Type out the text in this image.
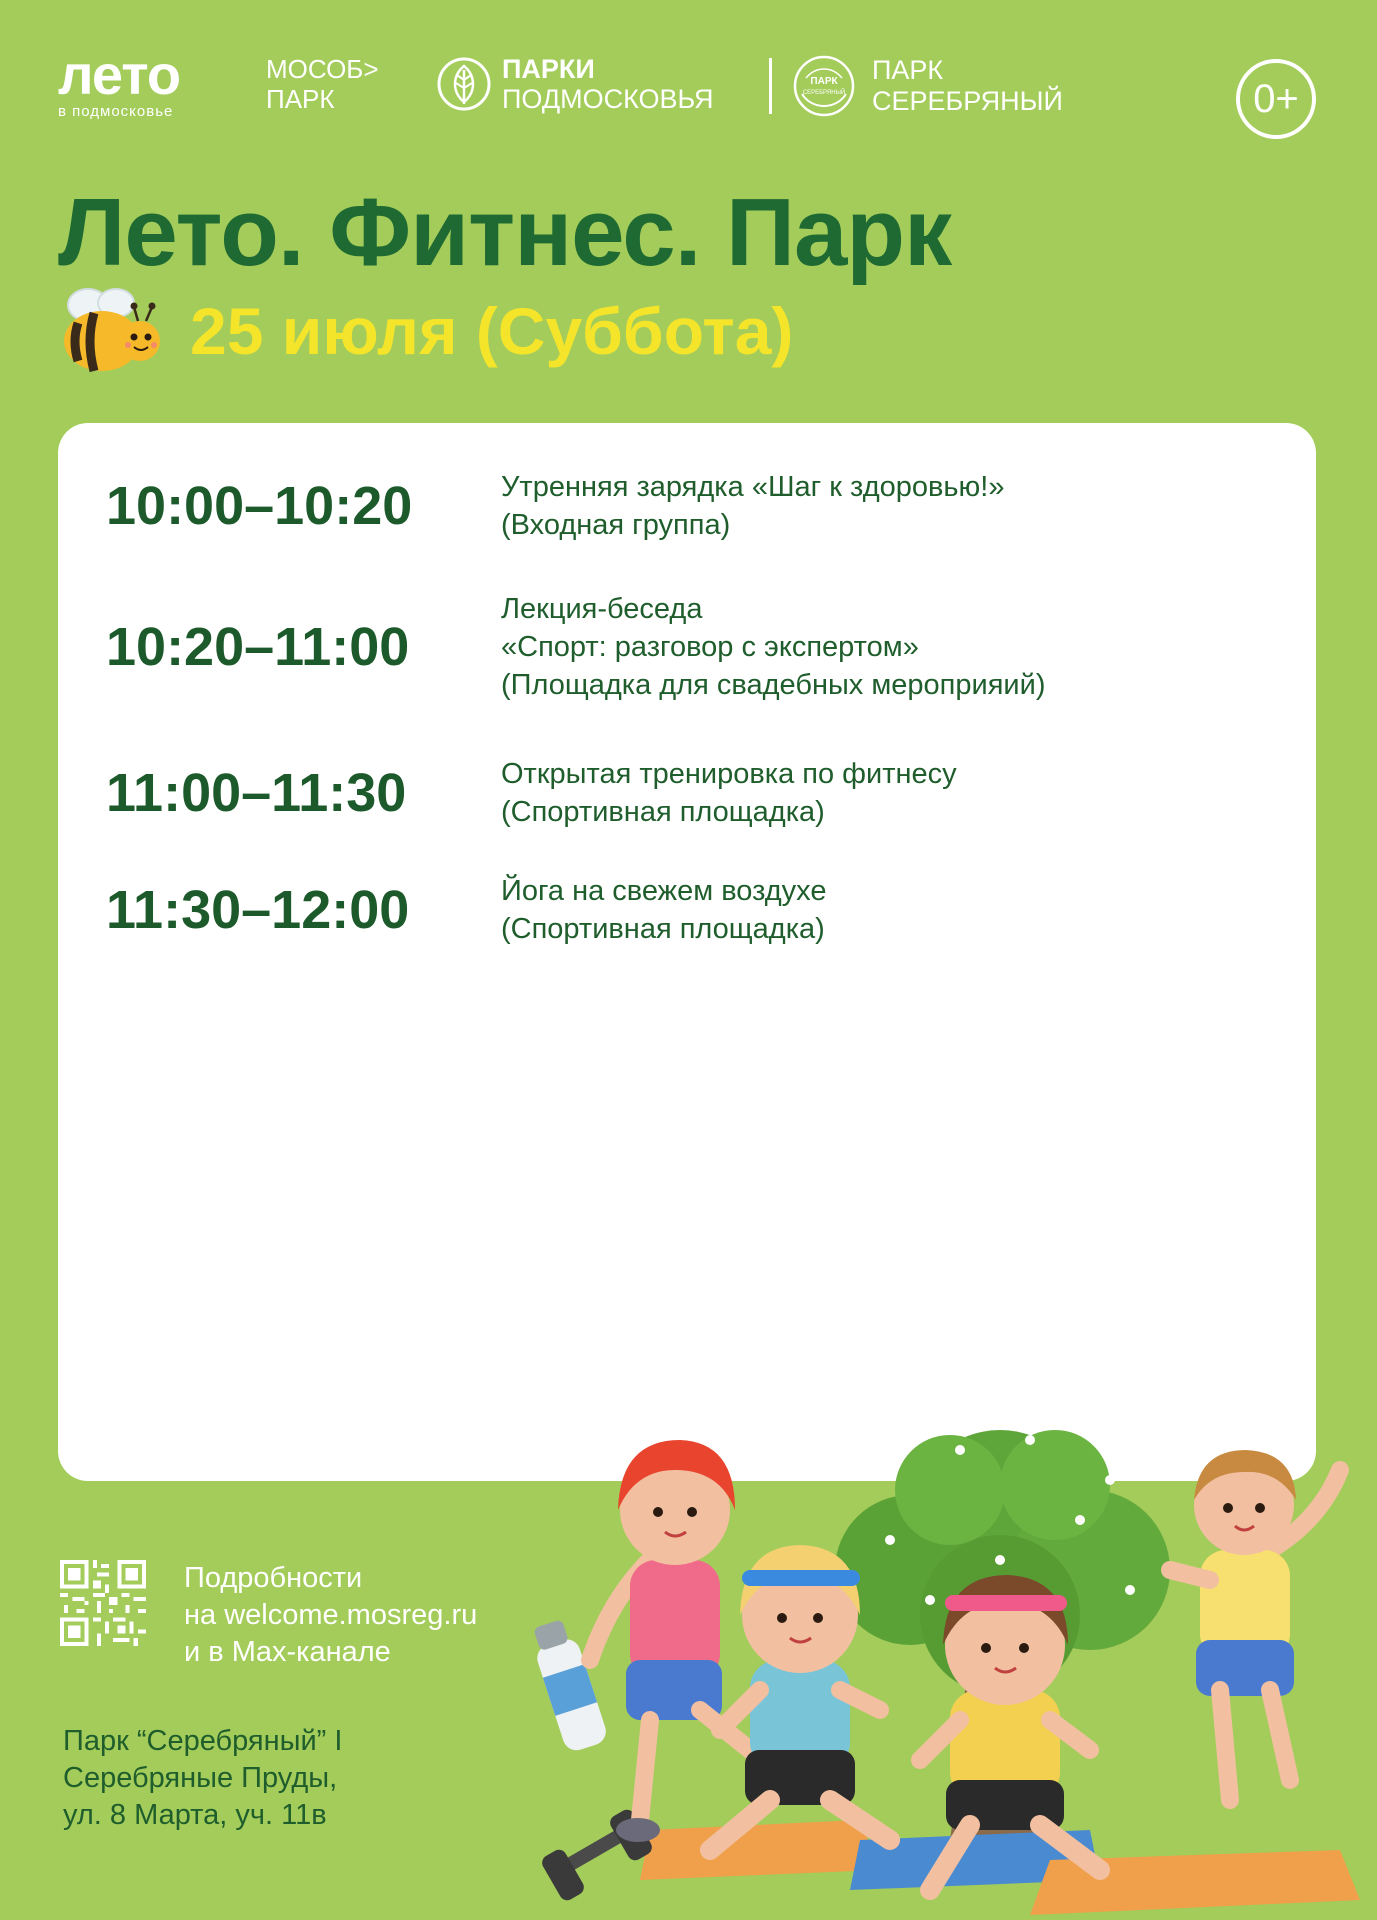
лето
в подмосковье
МОСОБ>
ПАРК
ПАРКИ
ПОДМОСКОВЬЯ
ПАРК
СЕРЕБРЯНЫЙ
ПАРК
СЕРЕБРЯНЫЙ	0+
Лето. Фитнес. Парк
25 июля (Суббота)
10:00–10:20	Утренняя зарядка «Шаг к здоровью!»
(Входная группа)
10:20–11:00
Лекция-беседа
«Спорт: разговор с экспертом»
(Площадка для свадебных мероприяий)
11:00–11:30	Открытая тренировка по фитнесу
(Спортивная площадка)
11:30–12:00	Йога на свежем воздухе
(Спортивная площадка)
Подробности
на welcome.mosreg.ru
и в Max-канале
Парк “Серебряный” I
Серебряные Пруды,
ул. 8 Марта, уч. 11в
